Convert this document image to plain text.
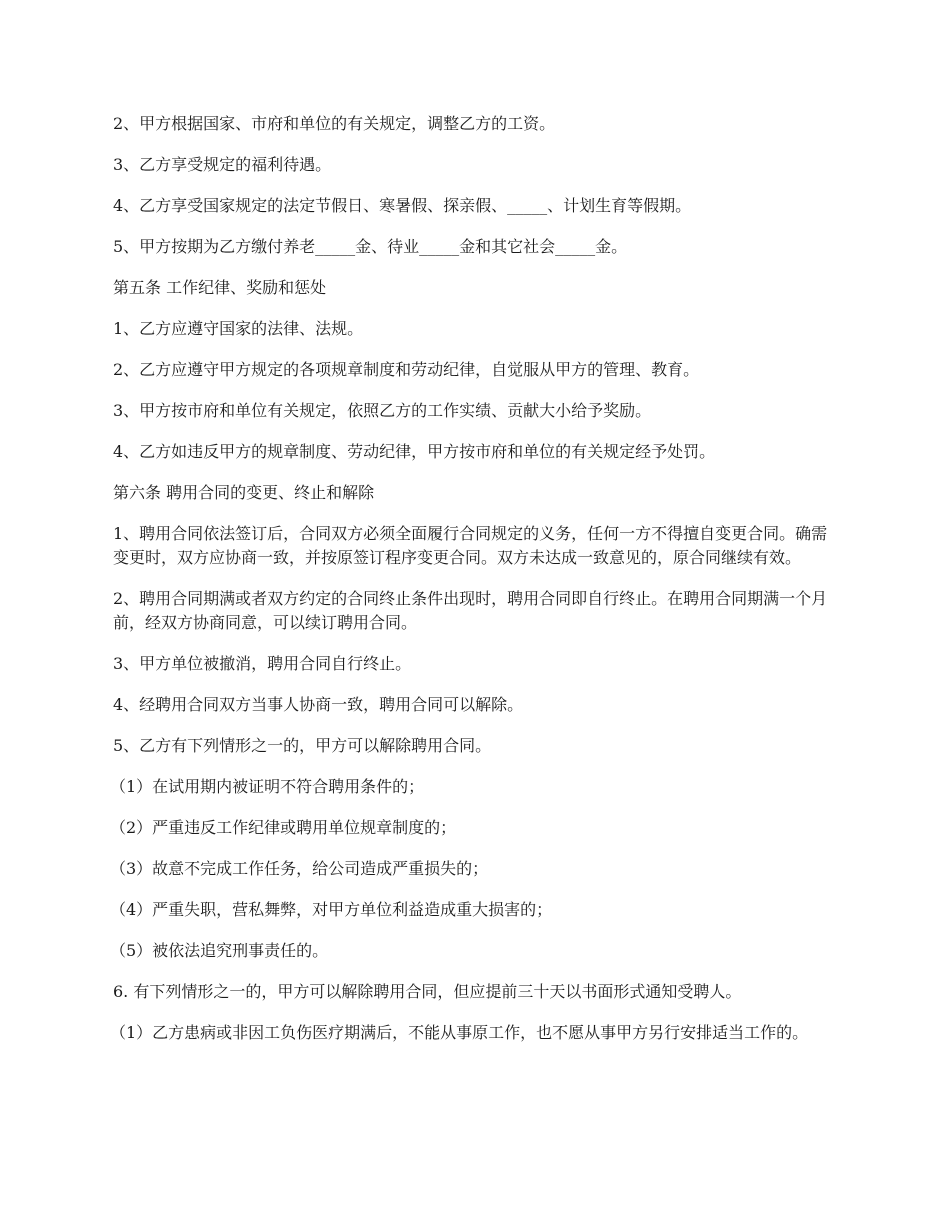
2、甲方根据国家、市府和单位的有关规定，调整乙方的工资。

3、乙方享受规定的福利待遇。

4、乙方享受国家规定的法定节假日、寒暑假、探亲假、_____、计划生育等假期。

5、甲方按期为乙方缴付养老_____金、待业_____金和其它社会_____金。

第五条 工作纪律、奖励和惩处

1、乙方应遵守国家的法律、法规。

2、乙方应遵守甲方规定的各项规章制度和劳动纪律，自觉服从甲方的管理、教育。

3、甲方按市府和单位有关规定，依照乙方的工作实绩、贡献大小给予奖励。

4、乙方如违反甲方的规章制度、劳动纪律，甲方按市府和单位的有关规定经予处罚。

第六条 聘用合同的变更、终止和解除

1、聘用合同依法签订后，合同双方必须全面履行合同规定的义务，任何一方不得擅自变更合同。确需变更时，双方应协商一致，并按原签订程序变更合同。双方未达成一致意见的，原合同继续有效。

2、聘用合同期满或者双方约定的合同终止条件出现时，聘用合同即自行终止。在聘用合同期满一个月前，经双方协商同意，可以续订聘用合同。

3、甲方单位被撤消，聘用合同自行终止。

4、经聘用合同双方当事人协商一致，聘用合同可以解除。

5、乙方有下列情形之一的，甲方可以解除聘用合同。

（1）在试用期内被证明不符合聘用条件的；

（2）严重违反工作纪律或聘用单位规章制度的；

（3）故意不完成工作任务，给公司造成严重损失的；

（4）严重失职，营私舞弊，对甲方单位利益造成重大损害的；

（5）被依法追究刑事责任的。

6. 有下列情形之一的，甲方可以解除聘用合同，但应提前三十天以书面形式通知受聘人。

（1）乙方患病或非因工负伤医疗期满后，不能从事原工作，也不愿从事甲方另行安排适当工作的。
